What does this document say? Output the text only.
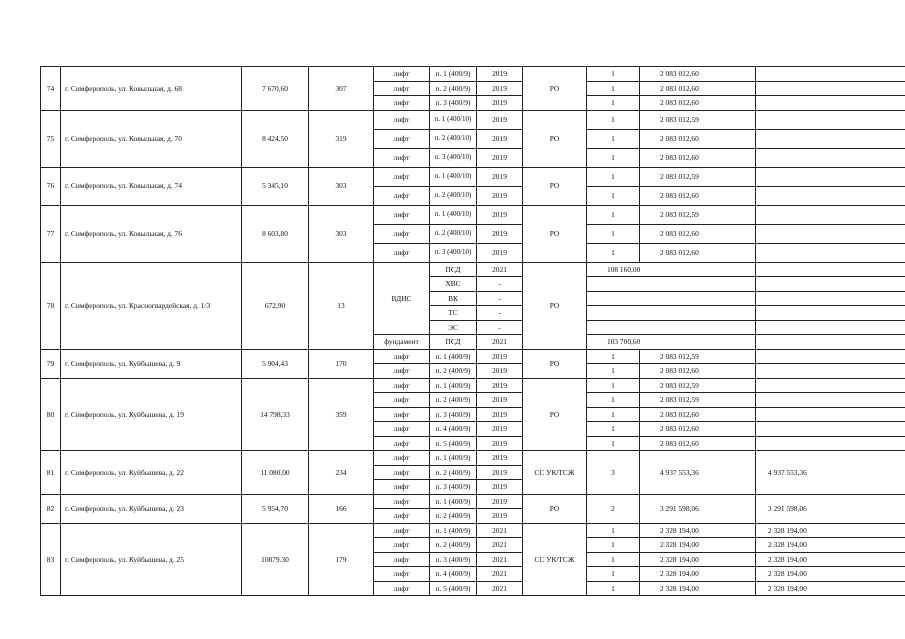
74	г. Симферополь, ул. Ковыльная, д. 68	7 670,60	307	лифт	п. 1 (400/9)	2019	РО	1	2 083 012,60		
				лифт	п. 2 (400/9)	2019		1	2 083 012,60		
				лифт	п. 3 (400/9)	2019		1	2 083 012,60		
75	г. Симферополь, ул. Ковыльная, д. 70	8 424,50	319	лифт	п. 1 (400/10)	2019	РО	1	2 083 012,59		
				лифт	п. 2 (400/10)	2019		1	2 083 012,60		
				лифт	п. 3 (400/10)	2019		1	2 083 012,60		
76	г. Симферополь, ул. Ковыльная, д. 74	5 345,10	303	лифт	п. 1 (400/10)	2019	РО	1	2 083 012,59		
				лифт	п. 2 (400/10)	2019		1	2 083 012,60		
77	г. Симферополь, ул. Ковыльная, д. 76	8 603,80	303	лифт	п. 1 (400/10)	2019	РО	1	2 083 012,59		
				лифт	п. 2 (400/10)	2019		1	2 083 012,60		
				лифт	п. 3 (400/10)	2019		1	2 083 012,60		
78	г. Симферополь, ул. Красногвардейская, д. 1/3	672,90	13	ВДИС	ПСД	2021	РО	108 160,00		
					ХВС	-					
					ВК	-					
					ТС	-					
					ЭС	-					
				фундамент	ПСД	2021		103 700,60		
79	г. Симферополь, ул. Куйбышева, д. 9	5 904,43	170	лифт	п. 1 (400/9)	2019	РО	1	2 083 012,59		
				лифт	п. 2 (400/9)	2019		1	2 083 012,60		
80	г. Симферополь, ул. Куйбышева, д. 19	14 798,33	359	лифт	п. 1 (400/9)	2019	РО	1	2 083 012,59		
				лифт	п. 2 (400/9)	2019		1	2 083 012,59		
				лифт	п. 3 (400/9)	2019		1	2 083 012,60		
				лифт	п. 4 (400/9)	2019		1	2 083 012,60		
				лифт	п. 5 (400/9)	2019		1	2 083 012,60		
81	г. Симферополь, ул. Куйбышева, д. 22	11 080,00	234	лифт	п. 1 (400/9)	2019	СС УК/ТСЖ	3	4 937 553,36	4 937 553,36	
				лифт	п. 2 (400/9)	2019					
				лифт	п. 3 (400/9)	2019					
82	г. Симферополь, ул. Куйбышева, д. 23	5 954,70	166	лифт	п. 1 (400/9)	2019	РО	2	3 291 598,06	3 291 598,06	
				лифт	п. 2 (400/9)	2019					
83	г. Симферополь, ул. Куйбышева, д. 25	10879.30	179	лифт	п. 1 (400/9)	2021	СС УК/ТСЖ	1	2 328 194,00	2 328 194,00	
				лифт	п. 2 (400/9)	2021		1	2 328 194,00	2 328 194,00	
				лифт	п. 3 (400/9)	2021		1	2 328 194,00	2 328 194,00	
				лифт	п. 4 (400/9)	2021		1	2 328 194,00	2 328 194,00	
				лифт	п. 5 (400/9)	2021		1	2 328 194,00	2 328 194,00	
